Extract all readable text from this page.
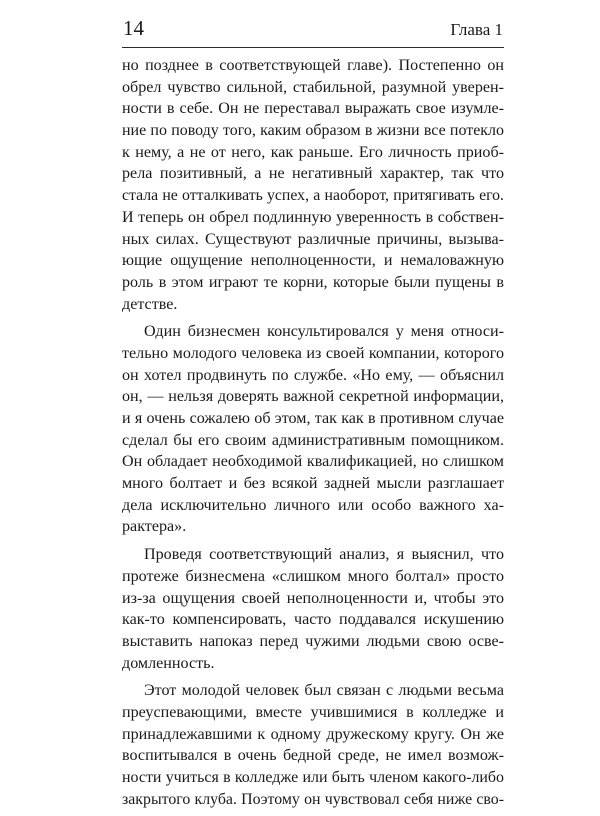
14	Глава 1
но позднее в соответствующей главе). Постепенно он
обрел чувство сильной, стабильной, разумной уверен-
ности в себе. Он не переставал выражать свое изумле-
ние по поводу того, каким образом в жизни все потекло
к нему, а не от него, как раньше. Его личность приоб-
рела позитивный, а не негативный характер, так что
стала не отталкивать успех, а наоборот, притягивать его.
И теперь он обрел подлинную уверенность в собствен-
ных силах. Существуют различные причины, вызыва-
ющие ощущение неполноценности, и немаловажную
роль в этом играют те корни, которые были пущены в
детстве.
Один бизнесмен консультировался у меня относи-
тельно молодого человека из своей компании, которого
он хотел продвинуть по службе. «Но ему, — объяснил
он, — нельзя доверять важной секретной информации,
и я очень сожалею об этом, так как в противном случае
сделал бы его своим административным помощником.
Он обладает необходимой квалификацией, но слишком
много болтает и без всякой задней мысли разглашает
дела исключительно личного или особо важного ха-
рактера».
Проведя соответствующий анализ, я выяснил, что
протеже бизнесмена «слишком много болтал» просто
из-за ощущения своей неполноценности и, чтобы это
как-то компенсировать, часто поддавался искушению
выставить напоказ перед чужими людьми свою осве-
домленность.
Этот молодой человек был связан с людьми весьма
преуспевающими, вместе учившимися в колледже и
принадлежавшими к одному дружескому кругу. Он же
воспитывался в очень бедной среде, не имел возмож-
ности учиться в колледже или быть членом какого-либо
закрытого клуба. Поэтому он чувствовал себя ниже сво-
